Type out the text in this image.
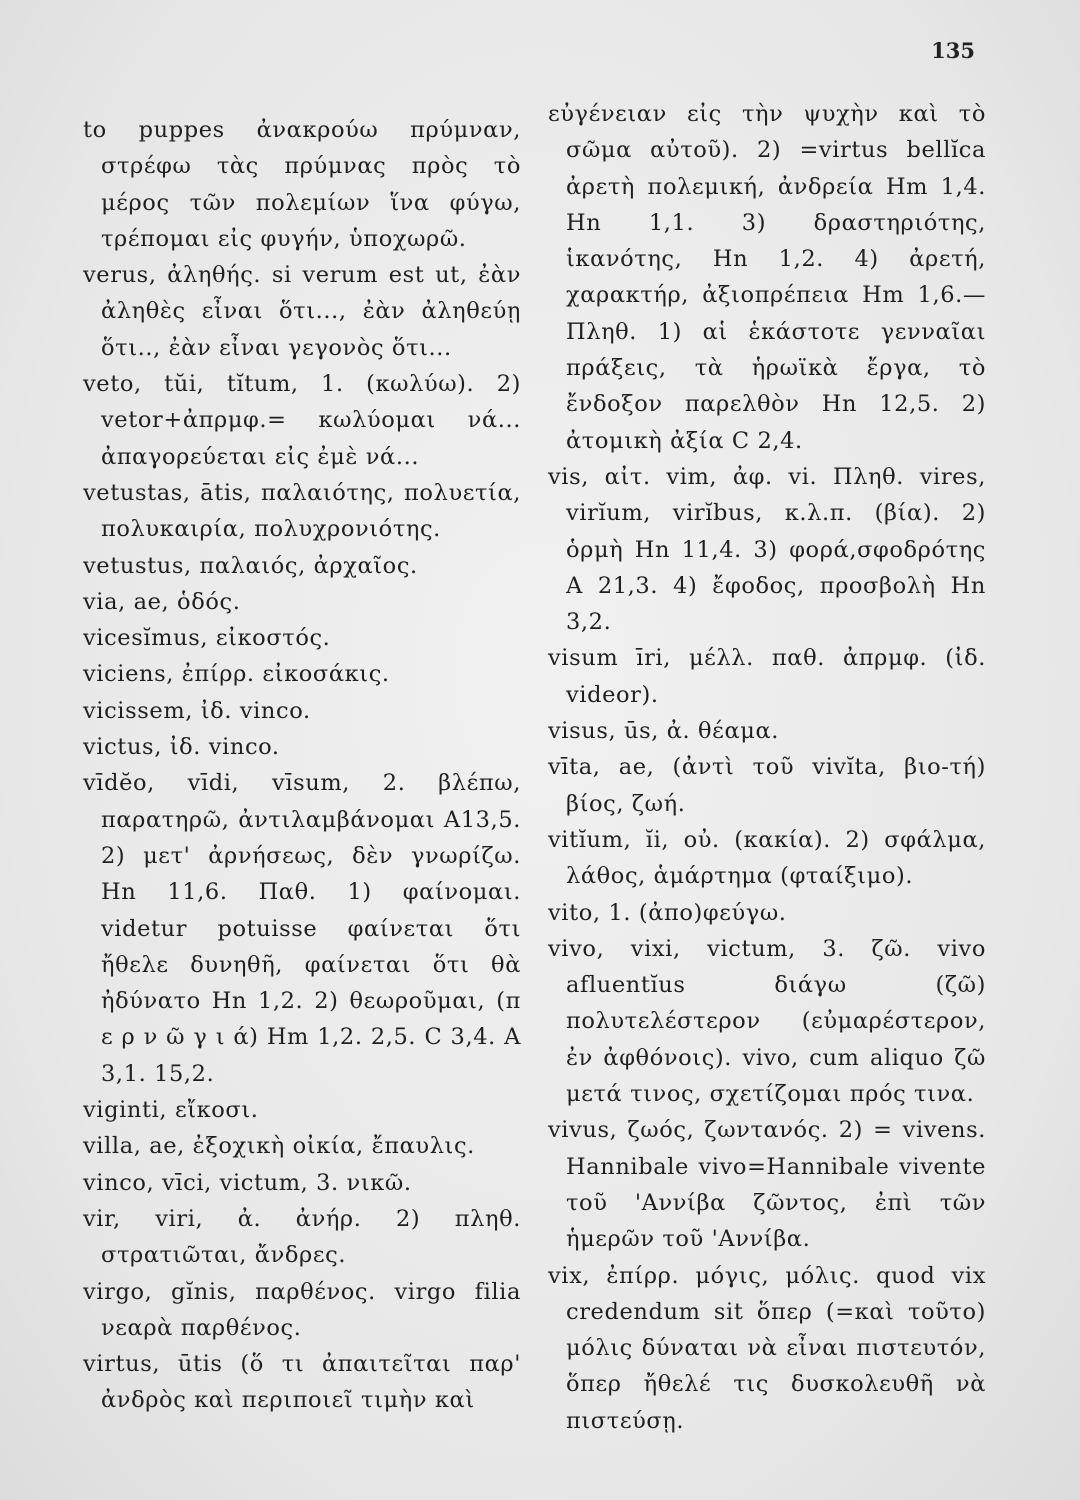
135
to puppes ἀνακρούω πρύμναν, στρέφω τὰς πρύμνας πρὸς τὸ μέρος τῶν πολεμίων ἵνα φύγω, τρέπομαι εἰς φυγήν, ὑποχωρῶ.
verus, ἀληθής. si verum est ut, ἐὰν ἀληθὲς εἶναι ὅτι..., ἐὰν ἀληθεύῃ ὅτι.., ἐὰν εἶναι γεγονὸς ὅτι...
veto, tŭi, tĭtum, 1. (κωλύω). 2) vetor+ἀπρμφ.= κωλύομαι νά... ἀπαγορεύεται εἰς ἐμὲ νά...
vetustas, ātis, παλαιότης, πολυετία, πολυκαιρία, πολυχρονιότης.
vetustus, παλαιός, ἀρχαῖος.
via, ae, ὁδός.
vicesĭmus, εἰκοστός.
viciens, ἐπίρρ. εἰκοσάκις.
vicissem, ἰδ. vinco.
victus, ἰδ. vinco.
vīdĕo, vīdi, vīsum, 2. βλέπω, παρατηρῶ, ἀντιλαμβάνομαι A13,5. 2) μετ' ἀρνήσεως, δὲν γνωρίζω. Hn 11,6. Παθ. 1) φαίνομαι. videtur potuisse φαίνεται ὅτι ἤθελε δυνηθῆ, φαίνεται ὅτι θὰ ἠδύνατο Hn 1,2. 2) θεωροῦμαι, (π ε ρ ν ῶ γ ι ά) Hm 1,2. 2,5. C 3,4. A 3,1. 15,2.
viginti, εἴκοσι.
villa, ae, ἐξοχικὴ οἰκία, ἔπαυλις.
vinco, vīci, victum, 3. νικῶ.
vir, viri, ἀ. ἀνήρ. 2) πληθ. στρατιῶται, ἄνδρες.
virgo, gĭnis, παρθένος. virgo filia νεαρὰ παρθένος.
virtus, ūtis (ὅ τι ἀπαιτεῖται παρ' ἀνδρὸς καὶ περιποιεῖ τιμὴν καὶ
εὐγένειαν εἰς τὴν ψυχὴν καὶ τὸ σῶμα αὐτοῦ). 2) =virtus bellĭca ἀρετὴ πολεμική, ἀνδρεία Hm 1,4. Hn 1,1. 3) δραστηριότης, ἱκανότης, Hn 1,2. 4) ἀρετή, χαρακτήρ, ἀξιοπρέπεια Hm 1,6.— Πληθ. 1) αἱ ἑκάστοτε γενναῖαι πράξεις, τὰ ἡρωϊκὰ ἔργα, τὸ ἔνδοξον παρελθὸν Hn 12,5. 2) ἀτομικὴ ἀξία C 2,4.
vis, αἰτ. vim, ἀφ. vi. Πληθ. vires, virĭum, virĭbus, κ.λ.π. (βία). 2) ὁρμὴ Hn 11,4. 3) φορά,σφοδρότης A 21,3. 4) ἔφοδος, προσβολὴ Hn 3,2.
visum īri, μέλλ. παθ. ἀπρμφ. (ἰδ. videor).
visus, ūs, ἀ. θέαμα.
vīta, ae, (ἀντὶ τοῦ vivĭta, βιο-τή) βίος, ζωή.
vitĭum, ĭi, οὐ. (κακία). 2) σφάλμα, λάθος, ἁμάρτημα (φταίξιμο).
vito, 1. (ἀπο)φεύγω.
vivo, vixi, victum, 3. ζῶ. vivo afluentĭus διάγω (ζῶ) πολυτελέστερον (εὐμαρέστερον, ἐν ἀφθόνοις). vivo, cum aliquo ζῶ μετά τινος, σχετίζομαι πρός τινα.
vivus, ζωός, ζωντανός. 2) = vivens. Hannibale vivo=Hannibale vivente τοῦ 'Αννίβα ζῶντος, ἐπὶ τῶν ἡμερῶν τοῦ 'Αννίβα.
vix, ἐπίρρ. μόγις, μόλις. quod vix credendum sit ὅπερ (=καὶ τοῦτο) μόλις δύναται νὰ εἶναι πιστευτόν, ὅπερ ἤθελέ τις δυσκολευθῆ νὰ πιστεύσῃ.
